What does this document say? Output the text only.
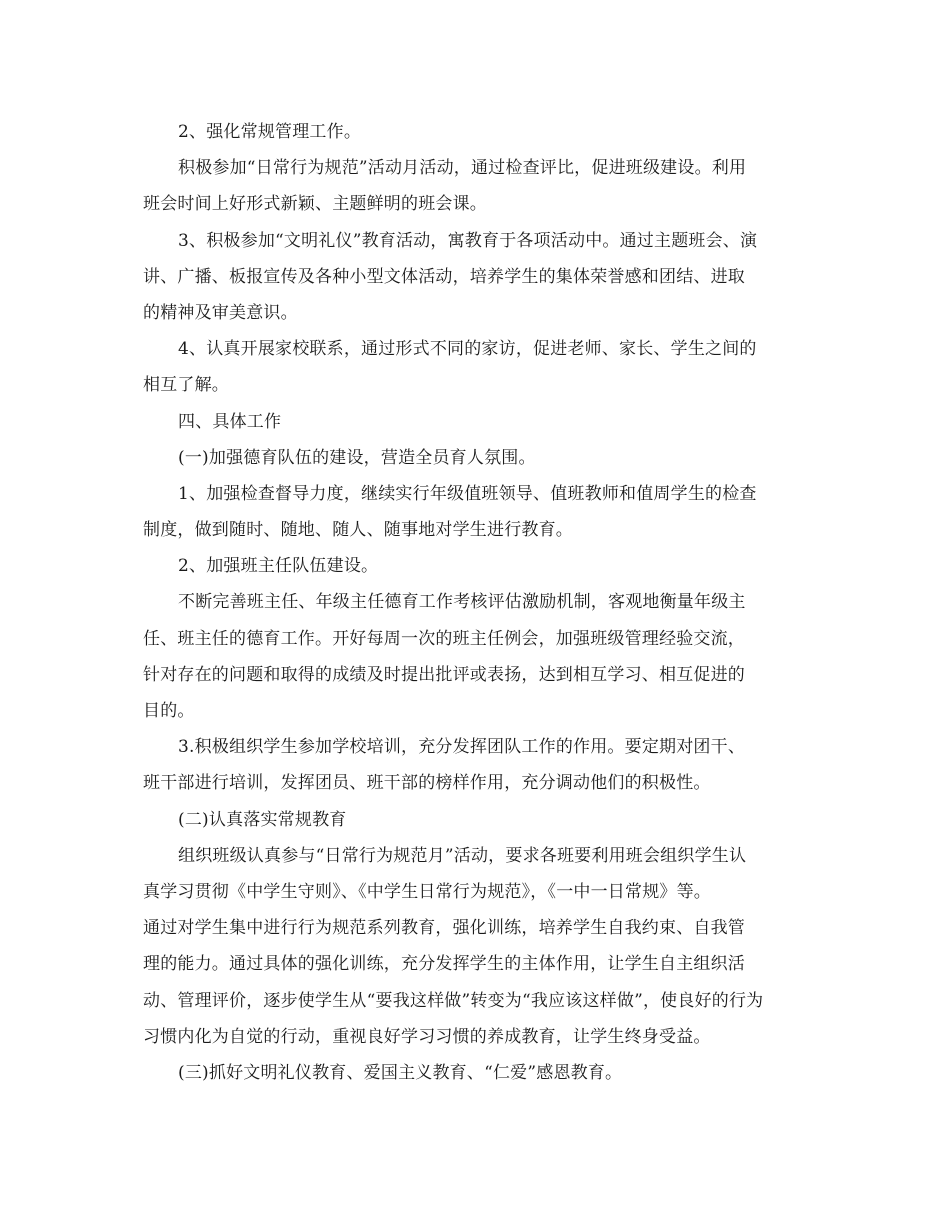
2、强化常规管理工作。
积极参加“日常行为规范”活动月活动，通过检查评比，促进班级建设。利用
班会时间上好形式新颖、主题鲜明的班会课。
3、积极参加“文明礼仪”教育活动，寓教育于各项活动中。通过主题班会、演
讲、广播、板报宣传及各种小型文体活动，培养学生的集体荣誉感和团结、进取
的精神及审美意识。
4、认真开展家校联系，通过形式不同的家访，促进老师、家长、学生之间的
相互了解。
四、具体工作
(一)加强德育队伍的建设，营造全员育人氛围。
1、加强检查督导力度，继续实行年级值班领导、值班教师和值周学生的检查
制度，做到随时、随地、随人、随事地对学生进行教育。
2、加强班主任队伍建设。
不断完善班主任、年级主任德育工作考核评估激励机制，客观地衡量年级主
任、班主任的德育工作。开好每周一次的班主任例会，加强班级管理经验交流，
针对存在的问题和取得的成绩及时提出批评或表扬，达到相互学习、相互促进的
目的。
3.积极组织学生参加学校培训，充分发挥团队工作的作用。要定期对团干、
班干部进行培训，发挥团员、班干部的榜样作用，充分调动他们的积极性。
(二)认真落实常规教育
组织班级认真参与“日常行为规范月”活动，要求各班要利用班会组织学生认
真学习贯彻《中学生守则》、《中学生日常行为规范》，《一中一日常规》等。
通过对学生集中进行行为规范系列教育，强化训练，培养学生自我约束、自我管
理的能力。通过具体的强化训练，充分发挥学生的主体作用，让学生自主组织活
动、管理评价，逐步使学生从“要我这样做”转变为“我应该这样做”，使良好的行为
习惯内化为自觉的行动，重视良好学习习惯的养成教育，让学生终身受益。
(三)抓好文明礼仪教育、爱国主义教育、“仁爱”感恩教育。
